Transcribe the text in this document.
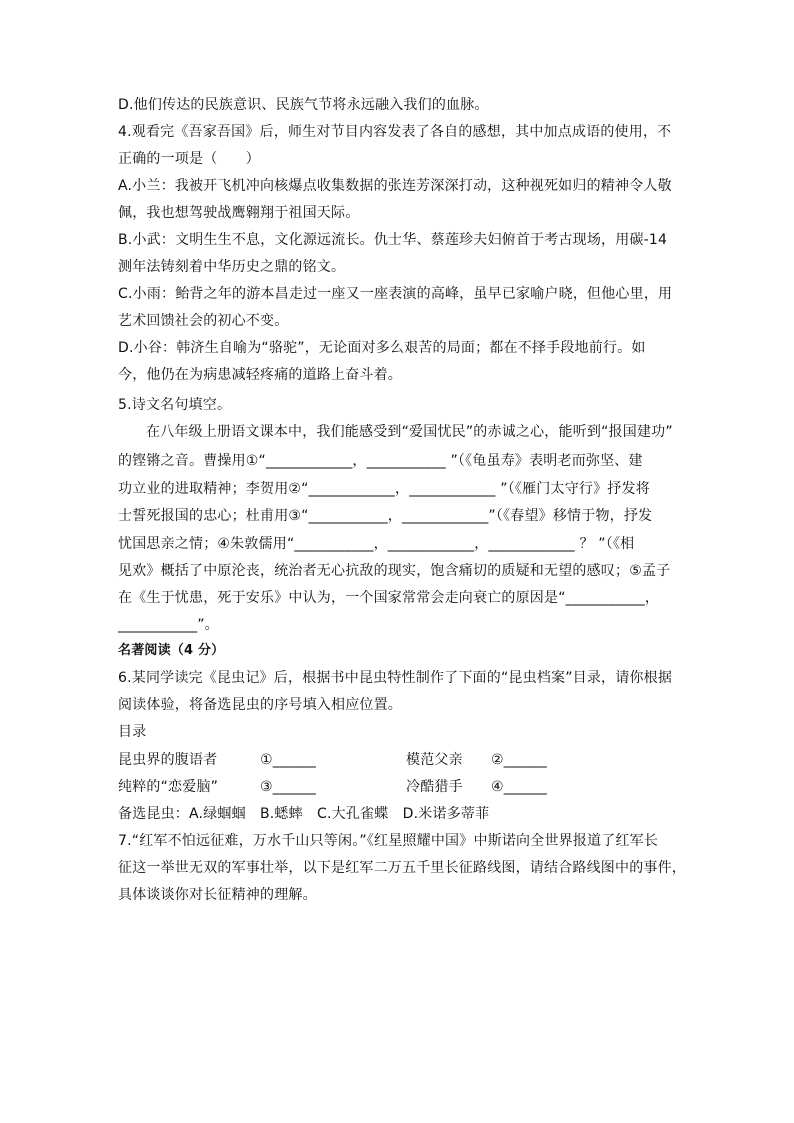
D.他们传达的民族意识、民族气节将永远融入我们的血脉。
4.观看完《吾家吾国》后，师生对节目内容发表了各自的感想，其中加点成语的使用，不
正确的一项是（　　）
A.小兰：我被开飞机冲向核爆点收集数据的张连芳深深打动，这种视死如归的精神令人敬
佩，我也想驾驶战鹰翱翔于祖国天际。
B.小武：文明生生不息，文化源远流长。仇士华、蔡莲珍夫妇俯首于考古现场，用碳-14
测年法铸刻着中华历史之鼎的铭文。
C.小雨：鲐背之年的游本昌走过一座又一座表演的高峰，虽早已家喻户晓，但他心里，用
艺术回馈社会的初心不变。
D.小谷：韩济生自喻为“骆驼”，无论面对多么艰苦的局面；都在不择手段地前行。如
今，他仍在为病患减轻疼痛的道路上奋斗着。
5.诗文名句填空。
在八年级上册语文课本中，我们能感受到“爱国忧民”的赤诚之心，能听到“报国建功”
的铿锵之音。曹操用①“____________，___________ ”（《龟虽寿》表明老而弥坚、建
功立业的进取精神；李贺用②“____________，____________ ”（《雁门太守行》抒发将
士誓死报国的忠心；杜甫用③“___________，____________”（《春望》移情于物，抒发
忧国思亲之情；④朱敦儒用“___________，____________，____________ ？ ”（《相
见欢》概括了中原沦丧，统治者无心抗敌的现实，饱含痛切的质疑和无望的感叹；⑤孟子
在《生于忧患，死于安乐》中认为，一个国家常常会走向衰亡的原因是“___________，
___________”。
名著阅读（4 分）
6.某同学读完《昆虫记》后，根据书中昆虫特性制作了下面的“昆虫档案”目录，请你根据
阅读体验，将备选昆虫的序号填入相应位置。
目录
昆虫界的腹语者	①______	模范父亲 ②______
纯粹的“恋爱脑”	③______	冷酷猎手 ④______
备选昆虫：A.绿蝈蝈　B.蟋蟀　C.大孔雀蝶　D.米诺多蒂菲
7.“红军不怕远征难，万水千山只等闲。”《红星照耀中国》中斯诺向全世界报道了红军长
征这一举世无双的军事壮举，以下是红军二万五千里长征路线图，请结合路线图中的事件，
具体谈谈你对长征精神的理解。
